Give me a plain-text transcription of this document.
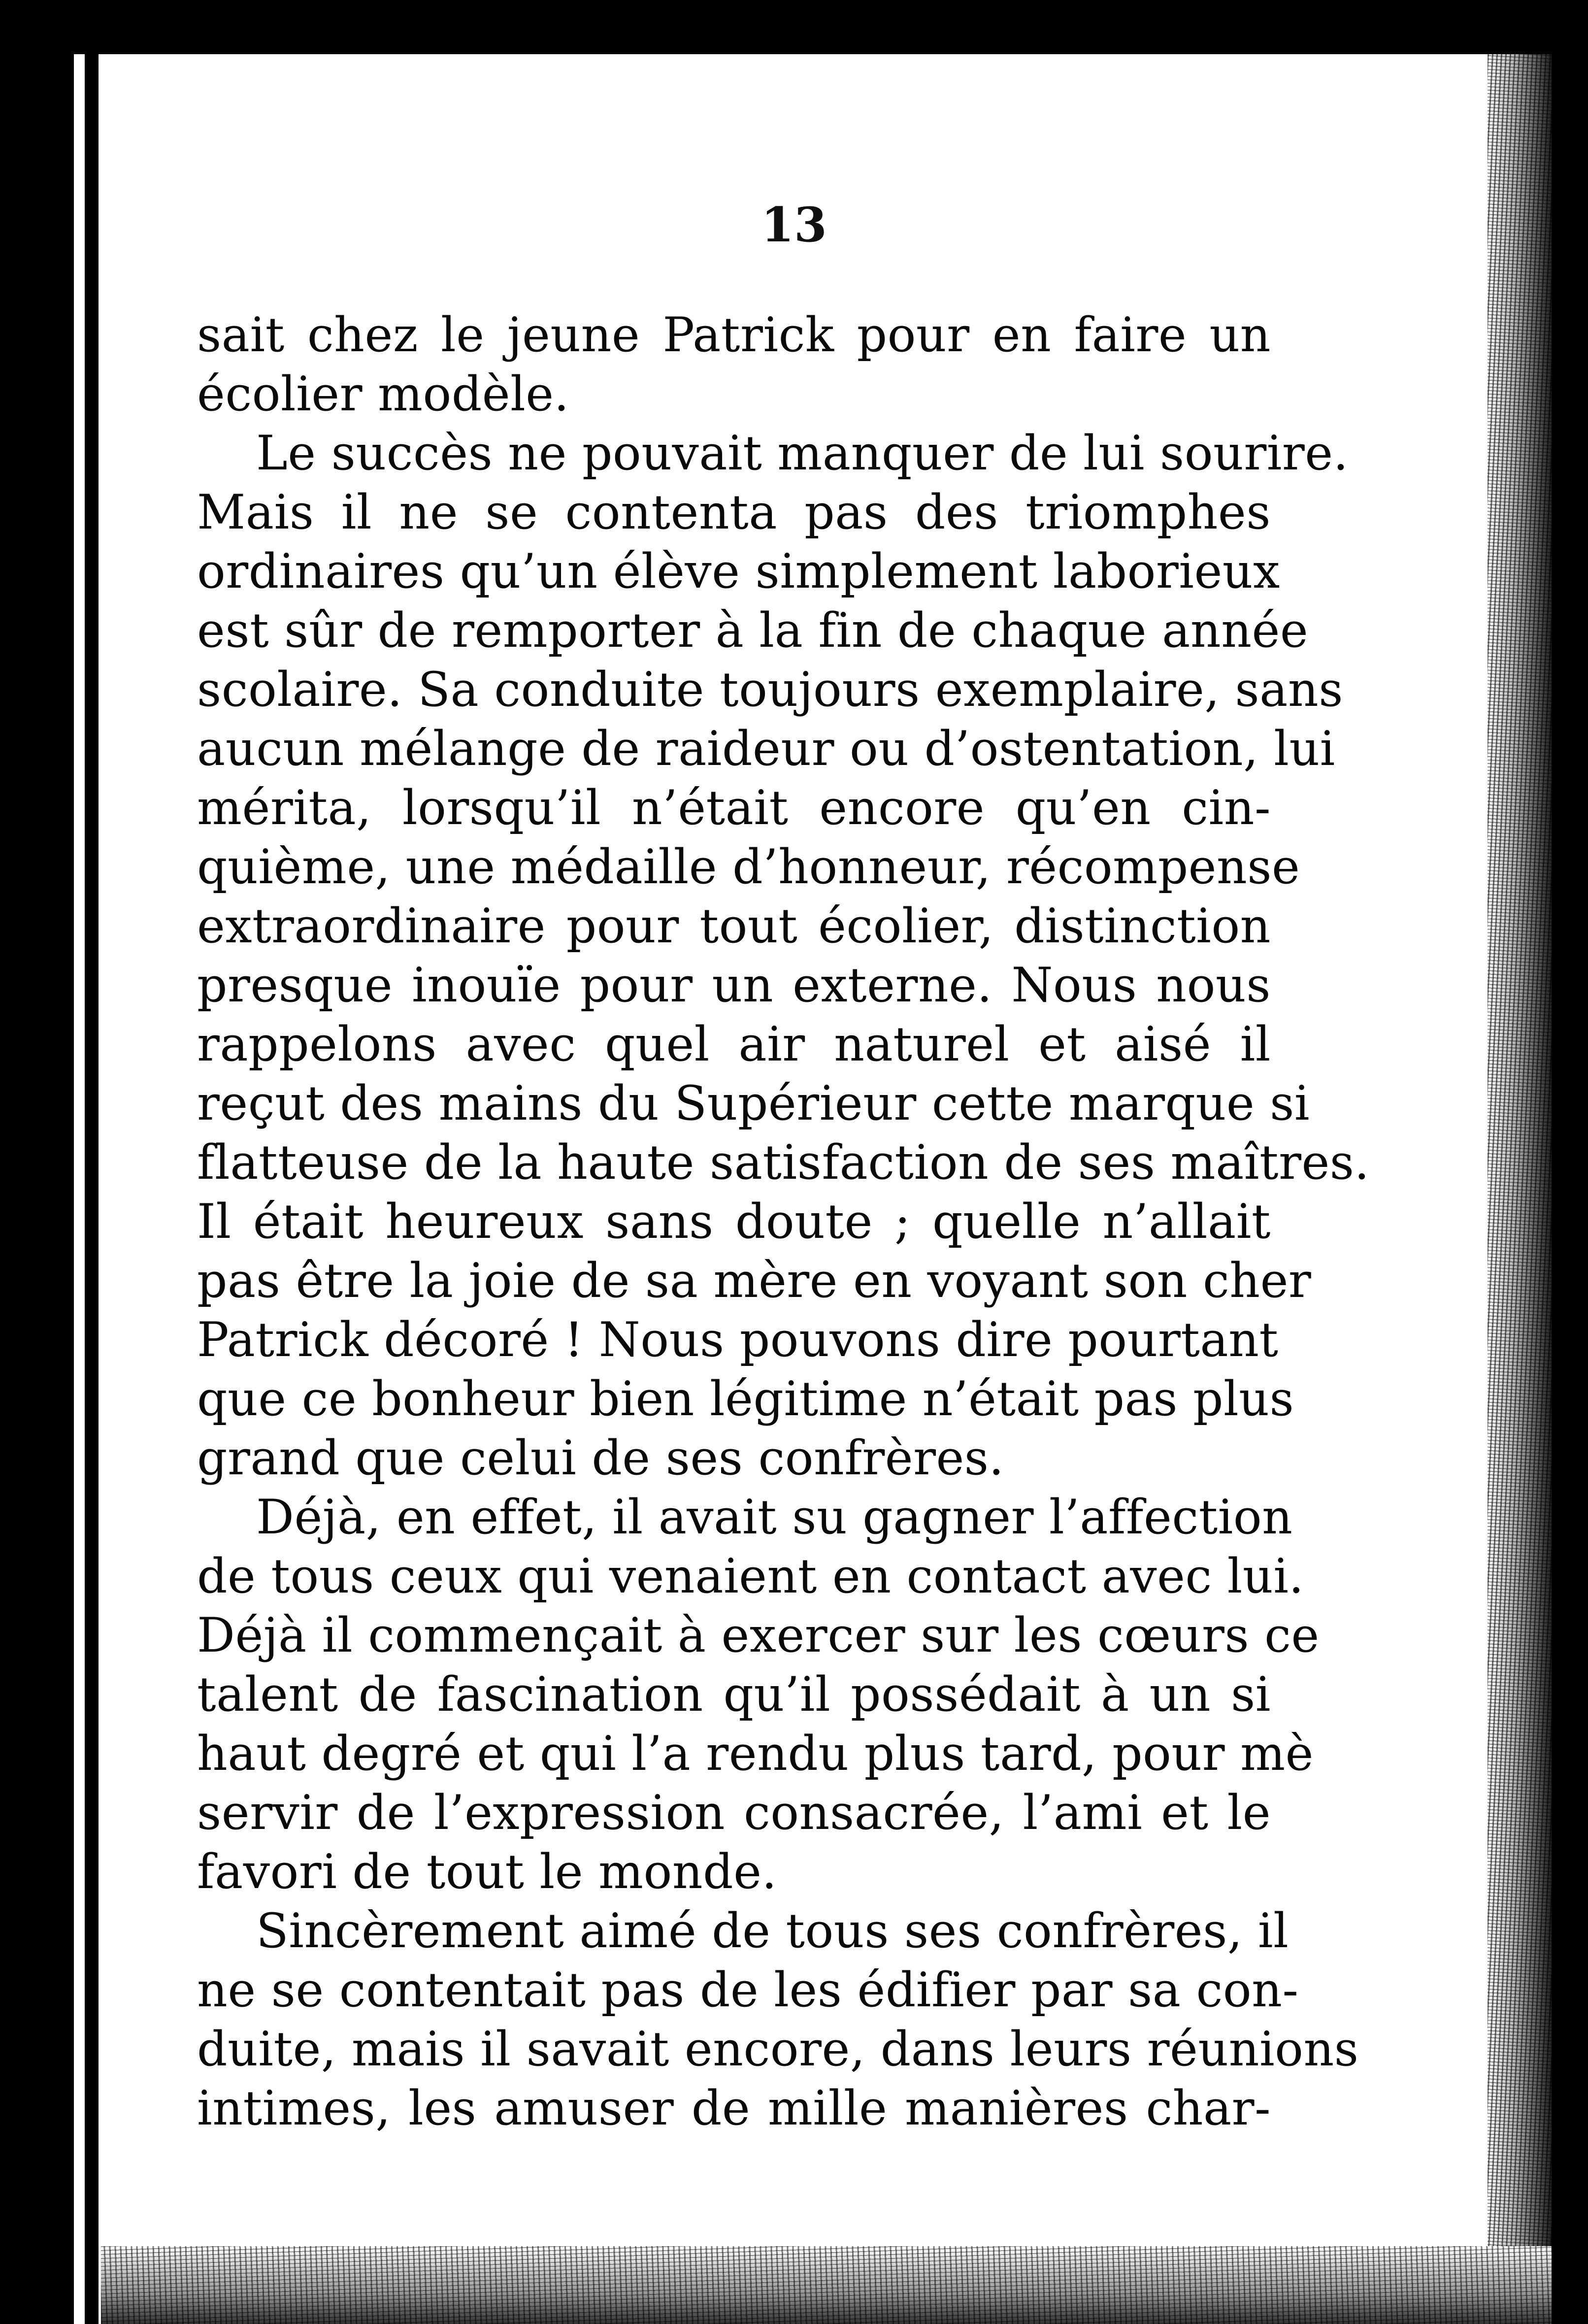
13
sait chez le jeune Patrick pour en faire un
écolier modèle.
Le succès ne pouvait manquer de lui sourire.
Mais il ne se contenta pas des triomphes
ordinaires qu’un élève simplement laborieux
est sûr de remporter à la fin de chaque année
scolaire. Sa conduite toujours exemplaire, sans
aucun mélange de raideur ou d’ostentation, lui
mérita, lorsqu’il n’était encore qu’en cin-
quième, une médaille d’honneur, récompense
extraordinaire pour tout écolier, distinction
presque inouïe pour un externe. Nous nous
rappelons avec quel air naturel et aisé il
reçut des mains du Supérieur cette marque si
flatteuse de la haute satisfaction de ses maîtres.
Il était heureux sans doute ; quelle n’allait
pas être la joie de sa mère en voyant son cher
Patrick décoré ! Nous pouvons dire pourtant
que ce bonheur bien légitime n’était pas plus
grand que celui de ses confrères.
Déjà, en effet, il avait su gagner l’affection
de tous ceux qui venaient en contact avec lui.
Déjà il commençait à exercer sur les cœurs ce
talent de fascination qu’il possédait à un si
haut degré et qui l’a rendu plus tard, pour mè
servir de l’expression consacrée, l’ami et le
favori de tout le monde.
Sincèrement aimé de tous ses confrères, il
ne se contentait pas de les édifier par sa con-
duite, mais il savait encore, dans leurs réunions
intimes, les amuser de mille manières char-
